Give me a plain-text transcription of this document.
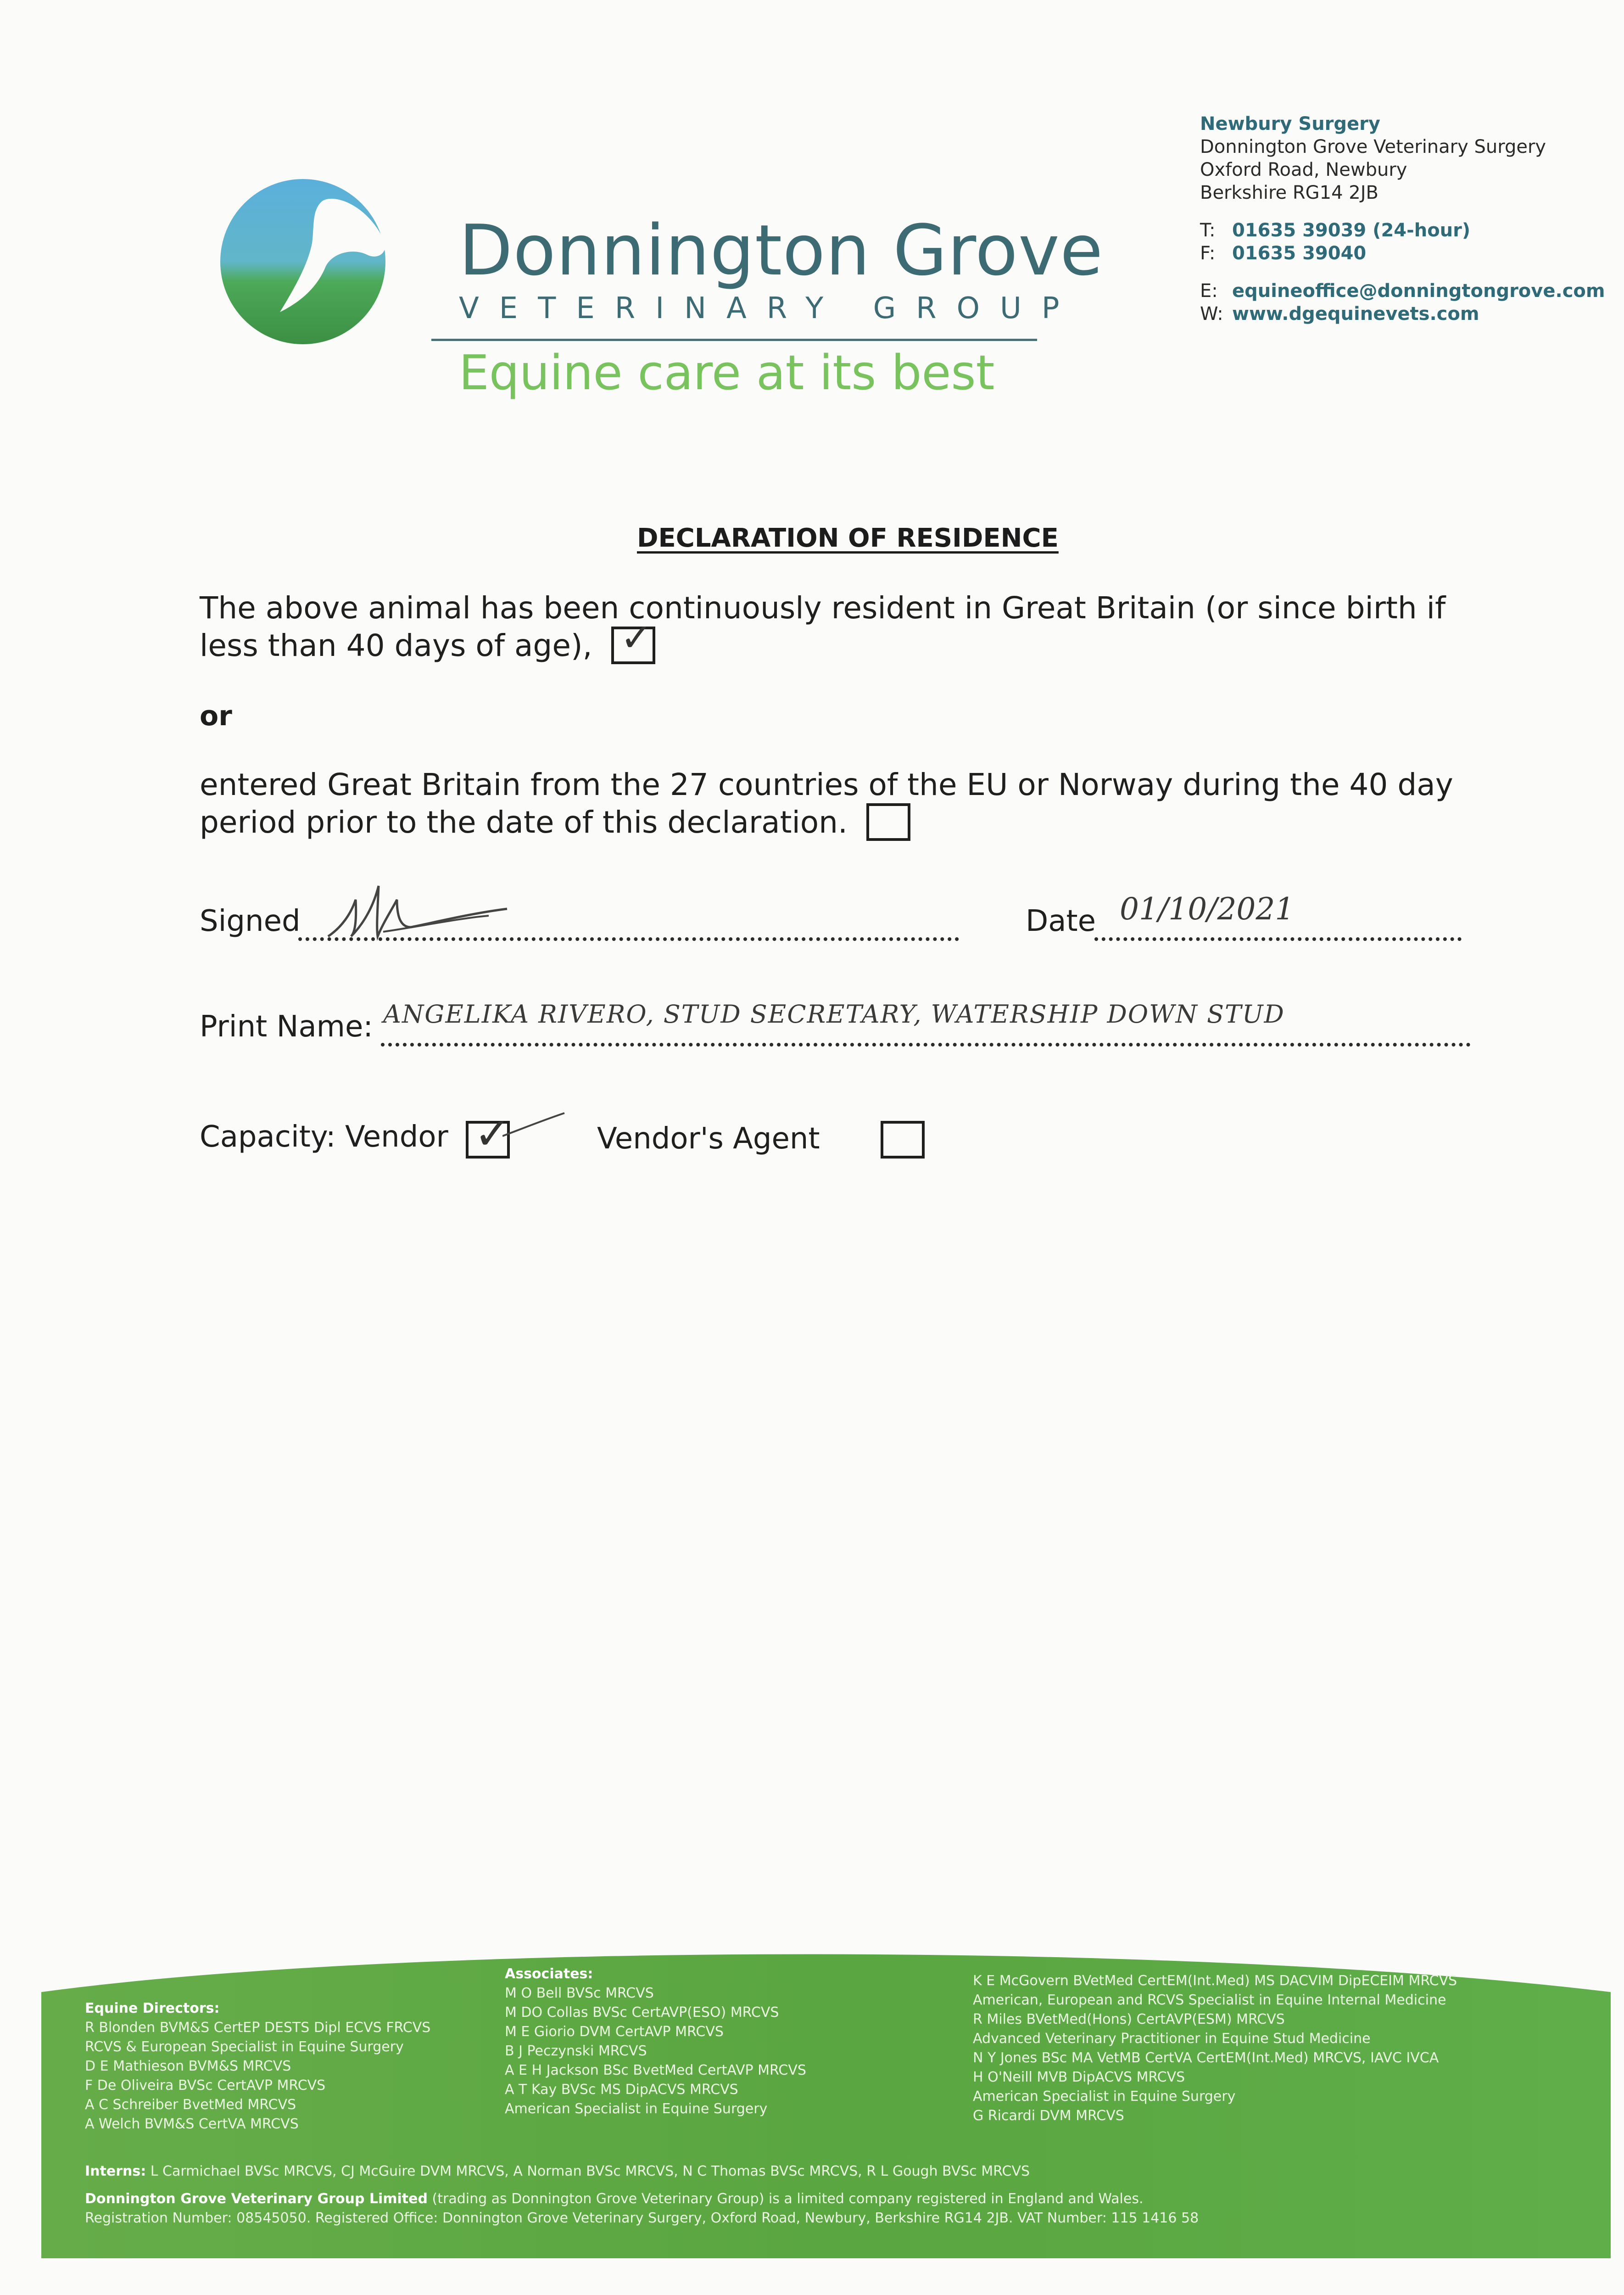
Donnington Grove
VETERINARY GROUP
Equine care at its best
Newbury Surgery
Donnington Grove Veterinary Surgery
Oxford Road, Newbury
Berkshire RG14 2JB
T: 01635 39039 (24-hour)
F: 01635 39040
E: equineoffice@donningtongrove.com
W: www.dgequinevets.com
DECLARATION OF RESIDENCE
The above animal has been continuously resident in Great Britain (or since birth if less than 40 days of age), ✓
or
entered Great Britain from the 27 countries of the EU or Norway during the 40 day period prior to the date of this declaration.
Signed	Date 01/10/2021
Print Name: ANGELIKA RIVERO, STUD SECRETARY, WATERSHIP DOWN STUD
Capacity: Vendor ✓
	Vendor's Agent
Equine Directors:
R Blonden BVM&S CertEP DESTS Dipl ECVS FRCVS
RCVS & European Specialist in Equine Surgery
D E Mathieson BVM&S MRCVS
F De Oliveira BVSc CertAVP MRCVS
A C Schreiber BvetMed MRCVS
A Welch BVM&S CertVA MRCVS
Associates:
M O Bell BVSc MRCVS
M DO Collas BVSc CertAVP(ESO) MRCVS
M E Giorio DVM CertAVP MRCVS
B J Peczynski MRCVS
A E H Jackson BSc BvetMed CertAVP MRCVS
A T Kay BVSc MS DipACVS MRCVS
American Specialist in Equine Surgery
K E McGovern BVetMed CertEM(Int.Med) MS DACVIM DipECEIM MRCVS
American, European and RCVS Specialist in Equine Internal Medicine
R Miles BVetMed(Hons) CertAVP(ESM) MRCVS
Advanced Veterinary Practitioner in Equine Stud Medicine
N Y Jones BSc MA VetMB CertVA CertEM(Int.Med) MRCVS, IAVC IVCA
H O'Neill MVB DipACVS MRCVS
American Specialist in Equine Surgery
G Ricardi DVM MRCVS
Interns: L Carmichael BVSc MRCVS, CJ McGuire DVM MRCVS, A Norman BVSc MRCVS, N C Thomas BVSc MRCVS, R L Gough BVSc MRCVS
Donnington Grove Veterinary Group Limited (trading as Donnington Grove Veterinary Group) is a limited company registered in England and Wales.
Registration Number: 08545050. Registered Office: Donnington Grove Veterinary Surgery, Oxford Road, Newbury, Berkshire RG14 2JB. VAT Number: 115 1416 58
